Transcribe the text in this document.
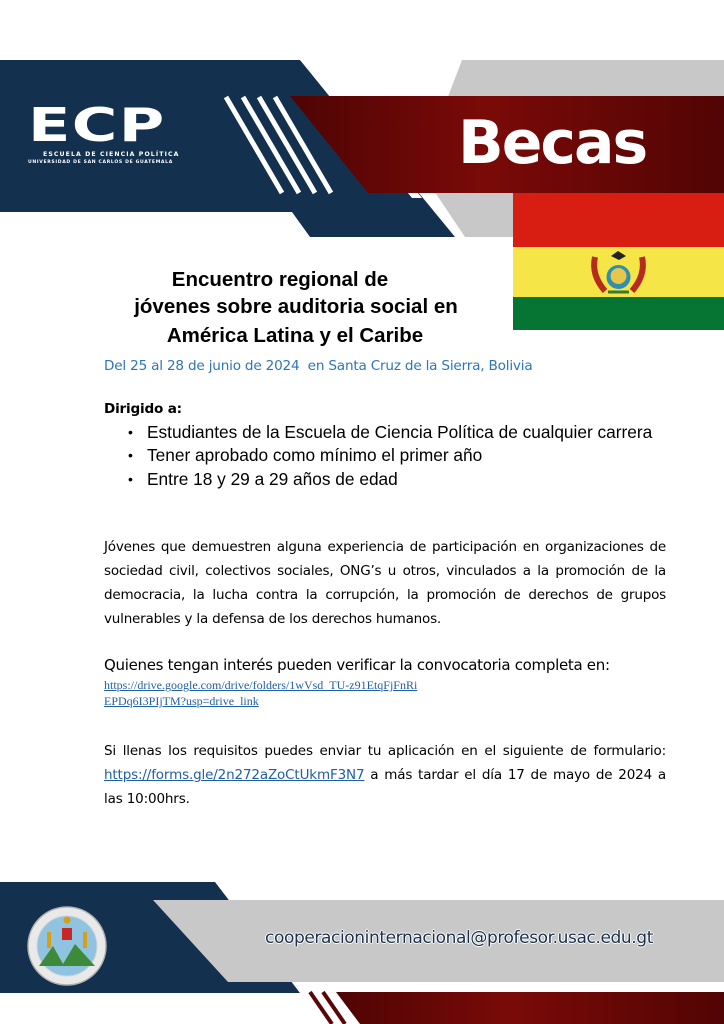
ECP
ESCUELA DE CIENCIA POLÍTICA
UNIVERSIDAD DE SAN CARLOS DE GUATEMALA	Becas
Encuentro regional de
jóvenes sobre auditoria social en
América Latina y el Caribe
Del 25 al 28 de junio de 2024  en Santa Cruz de la Sierra, Bolivia
Dirigido a:
• Estudiantes de la Escuela de Ciencia Política de cualquier carrera
• Tener aprobado como mínimo el primer año
• Entre 18 y 29 a 29 años de edad
Jóvenes que demuestren alguna experiencia de participación en organizaciones de sociedad civil, colectivos sociales, ONG’s u otros, vinculados a la promoción de la democracia, la lucha contra la corrupción, la promoción de derechos de grupos vulnerables y la defensa de los derechos humanos.
Quienes tengan interés pueden verificar la convocatoria completa en:
https://drive.google.com/drive/folders/1wVsd_TU-z91EtqFjFnRiEPDq6I3PIjTM?usp=drive_link
Si llenas los requisitos puedes enviar tu aplicación en el siguiente de formulario: https://forms.gle/2n272aZoCtUkmF3N7 a más tardar el día 17 de mayo de 2024 a las 10:00hrs.
cooperacioninternacional@profesor.usac.edu.gt
